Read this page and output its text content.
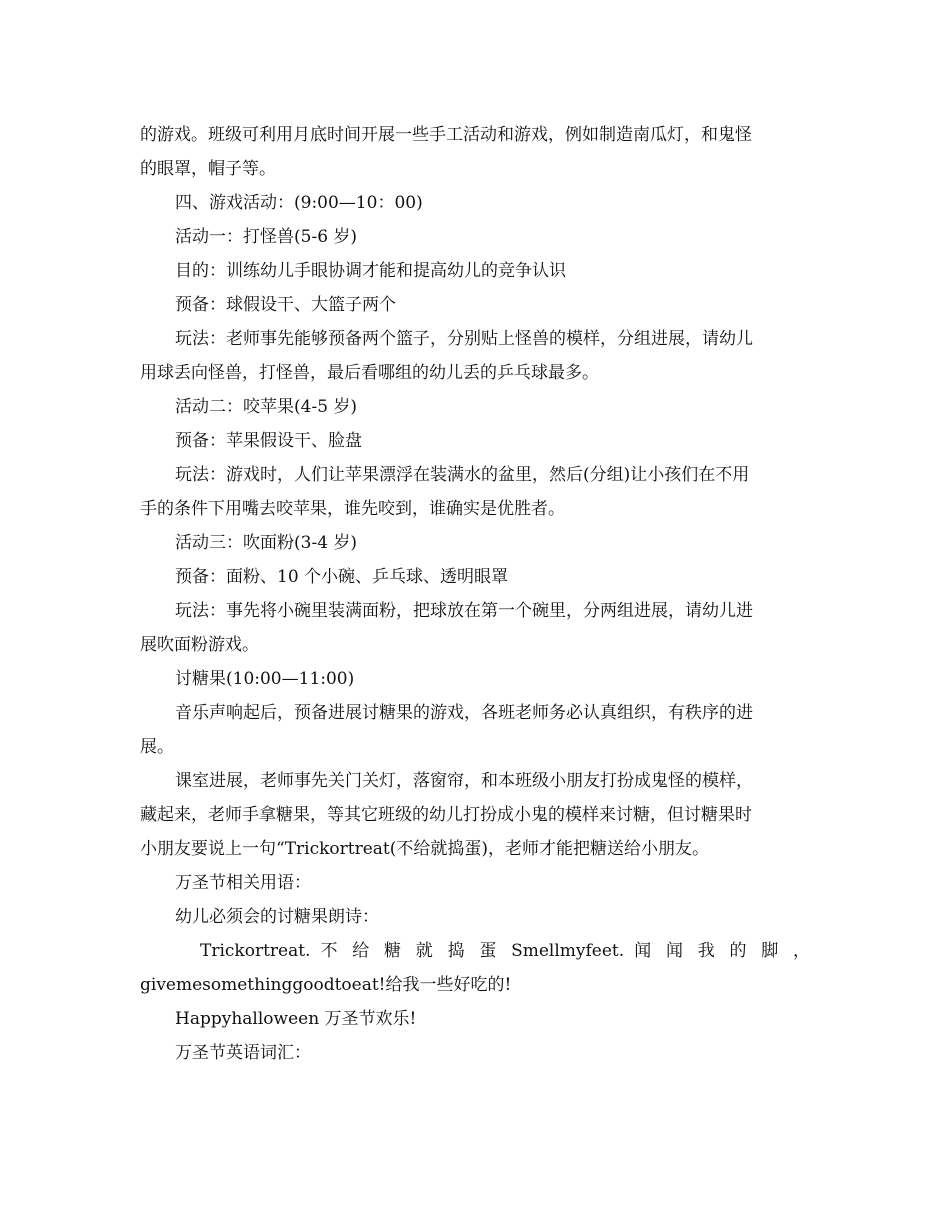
的游戏。班级可利用月底时间开展一些手工活动和游戏，例如制造南瓜灯，和鬼怪
的眼罩，帽子等。
四、游戏活动：(9:00—10：00)
活动一：打怪兽(5-6 岁)
目的：训练幼儿手眼协调才能和提高幼儿的竞争认识
预备：球假设干、大篮子两个
玩法：老师事先能够预备两个篮子，分别贴上怪兽的模样，分组进展，请幼儿
用球丢向怪兽，打怪兽，最后看哪组的幼儿丢的乒乓球最多。
活动二：咬苹果(4-5 岁)
预备：苹果假设干、脸盘
玩法：游戏时，人们让苹果漂浮在装满水的盆里，然后(分组)让小孩们在不用
手的条件下用嘴去咬苹果，谁先咬到，谁确实是优胜者。
活动三：吹面粉(3-4 岁)
预备：面粉、10 个小碗、乒乓球、透明眼罩
玩法：事先将小碗里装满面粉，把球放在第一个碗里，分两组进展，请幼儿进
展吹面粉游戏。
讨糖果(10:00—11:00)
音乐声响起后，预备进展讨糖果的游戏，各班老师务必认真组织，有秩序的进
展。
课室进展，老师事先关门关灯，落窗帘，和本班级小朋友打扮成鬼怪的模样，
藏起来，老师手拿糖果，等其它班级的幼儿打扮成小鬼的模样来讨糖，但讨糖果时
小朋友要说上一句“Trickortreat(不给就捣蛋)，老师才能把糖送给小朋友。
万圣节相关用语：
幼儿必须会的讨糖果朗诗：
Trickortreat. 不 给 糖 就 捣 蛋 Smellmyfeet. 闻 闻 我 的 脚 ，
givemesomethinggoodtoeat!给我一些好吃的!
Happyhalloween 万圣节欢乐!
万圣节英语词汇：
